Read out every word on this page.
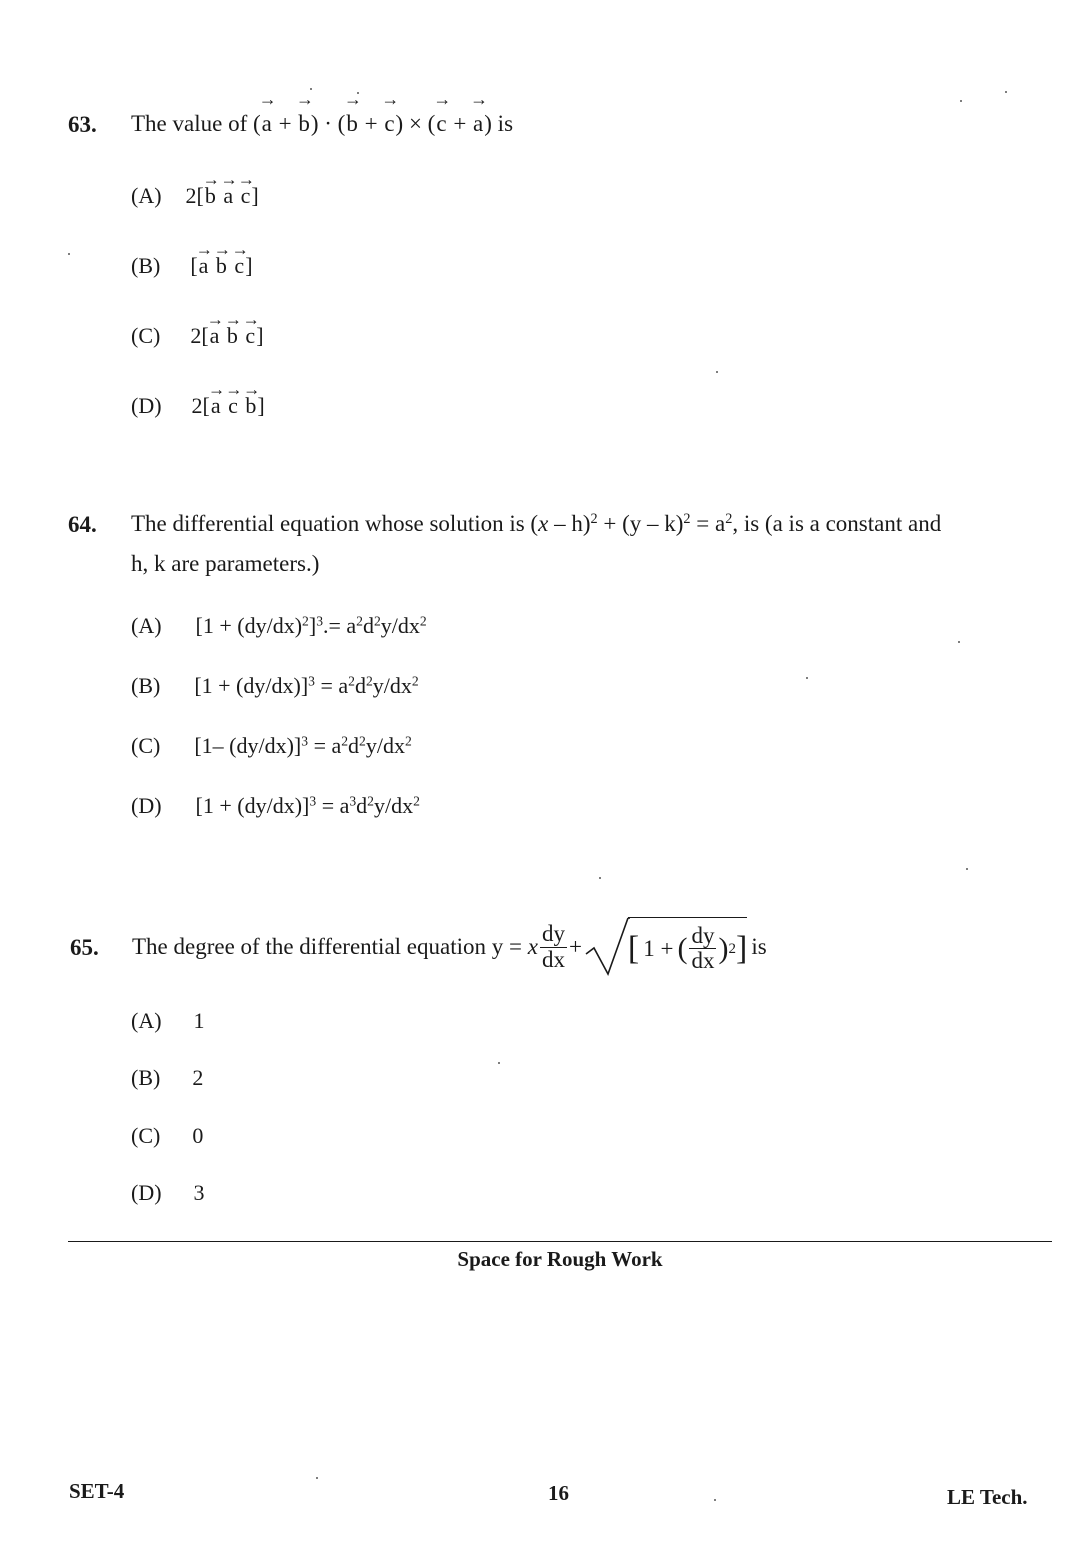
63. The value of (→ a + → b) · (→ b + → c) × (→ c + → a) is
(A) 2[→ b → a → c]
(B) [→ a → b → c]
(C) 2[→ a → b → c]
(D) 2[→ a → c → b]
64. The differential equation whose solution is $(x - h)^2 + (y - k)^2 = a^2$, is (a is a constant and
h, k are parameters.)
(A) $[1 + (dy/dx)^2]^3.= a^2d^2y/dx^2$
(B) $[1 + (dy/dx)]^3 = a^2d^2y/dx^2$
(C) [1– $(dy/dx)]^3 = a^2d^2y/dx^2$
(D) $[1 + (dy/dx)]^3 = a^3d^2y/dx^2$
65. The degree of the differential equation y =
x $\frac{dy}{dx}$ + [ 1 + ( $\frac{dy}{dx}$ ) 2 ] is
(A) 1
(B) 2
(C) 0
(D) 3
Space for Rough Work
SET-4	16	LE Tech.
